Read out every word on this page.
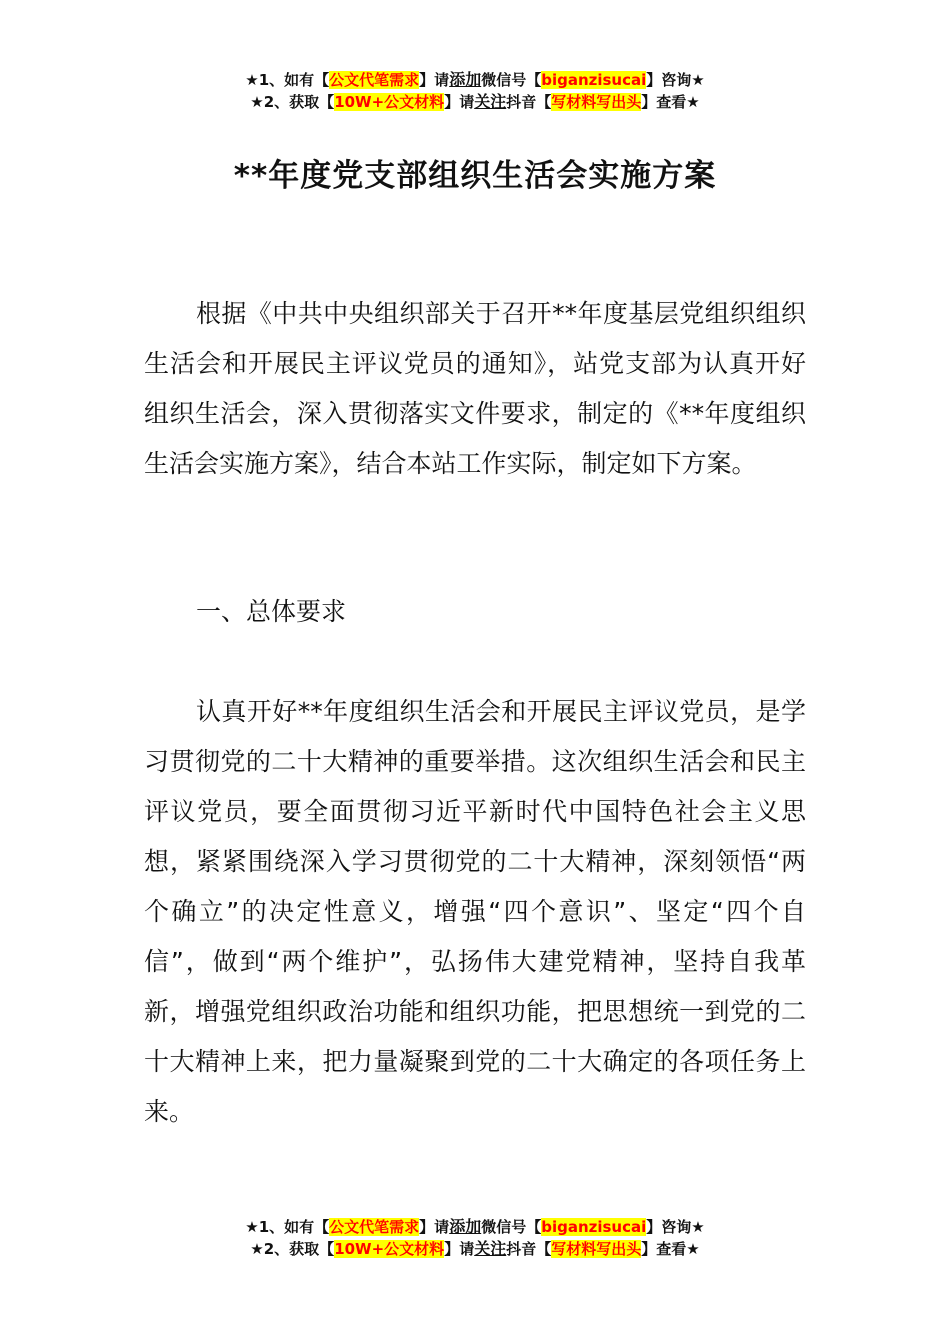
★1、如有【公文代笔需求】请添加微信号【biganzisucai】咨询★
★2、获取【10W+公文材料】请关注抖音【写材料写出头】查看★
**年度党支部组织生活会实施方案

根据《中共中央组织部关于召开**年度基层党组织组织生活会和开展民主评议党员的通知》，站党支部为认真开好组织生活会，深入贯彻落实文件要求，制定的《**年度组织生活会实施方案》，结合本站工作实际，制定如下方案。

一、总体要求

认真开好**年度组织生活会和开展民主评议党员，是学习贯彻党的二十大精神的重要举措。这次组织生活会和民主评议党员，要全面贯彻习近平新时代中国特色社会主义思想，紧紧围绕深入学习贯彻党的二十大精神，深刻领悟“两个确立”的决定性意义，增强“四个意识”、坚定“四个自信”，做到“两个维护”，弘扬伟大建党精神，坚持自我革新，增强党组织政治功能和组织功能，把思想统一到党的二十大精神上来，把力量凝聚到党的二十大确定的各项任务上来。

★1、如有【公文代笔需求】请添加微信号【biganzisucai】咨询★
★2、获取【10W+公文材料】请关注抖音【写材料写出头】查看★
